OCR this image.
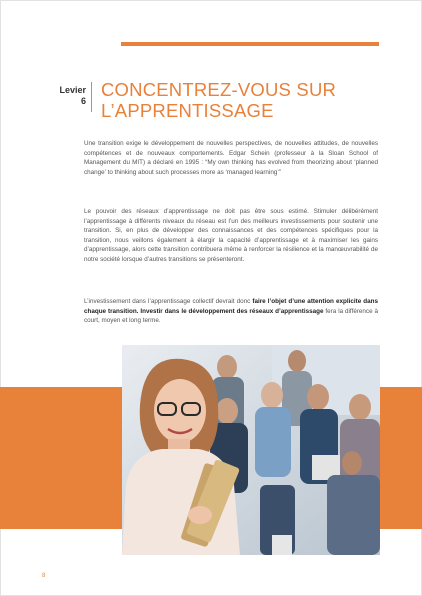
Levier
6
CONCENTREZ-VOUS SUR
L’APPRENTISSAGE

Une transition exige le développement de nouvelles perspectives, de nouvelles attitudes, de nouvelles compétences et de nouveaux comportements. Edgar Schein (professeur à la Sloan School of Management du MIT) a déclaré en 1995 : “My own thinking has evolved from theorizing about ‘planned change’ to thinking about such processes more as ‘managed learning’”

Le pouvoir des réseaux d’apprentissage ne doit pas être sous estimé. Stimuler délibérément l’apprentissage à différents niveaux du réseau est l’un des meilleurs investissements pour soutenir une transition. Si, en plus de développer des connaissances et des compétences spécifiques pour la transition, nous veillons également à élargir la capacité d’apprentissage et à maximiser les gains d’apprentissage, alors cette transition contribuera même à renforcer la résilience et la manœuvrabilité de notre société lorsque d’autres transitions se présenteront.

L’investissement dans l’apprentissage collectif devrait donc faire l’objet d’une attention explicite dans chaque transition. Investir dans le développement des réseaux d’apprentissage fera la différence à court, moyen et long terme.

8
